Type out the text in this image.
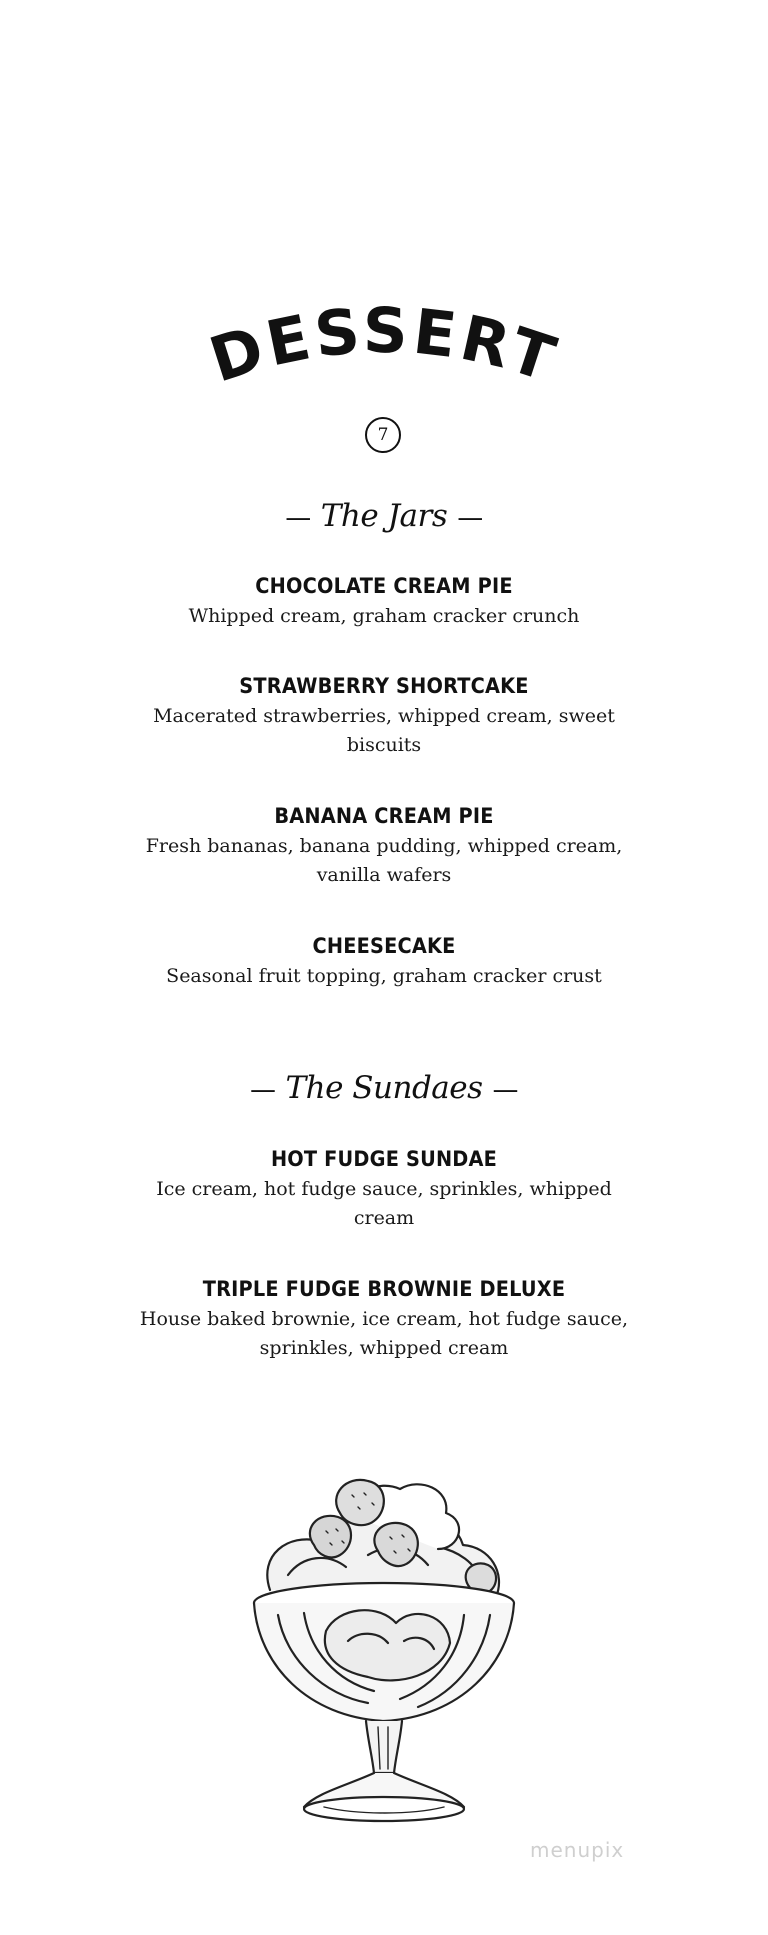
DESSERT
7

— The Jars —

CHOCOLATE CREAM PIE

Whipped cream, graham cracker crunch

STRAWBERRY SHORTCAKE

Macerated strawberries, whipped cream, sweet biscuits

BANANA CREAM PIE

Fresh bananas, banana pudding, whipped cream, vanilla wafers

CHEESECAKE

Seasonal fruit topping, graham cracker crust

— The Sundaes —

HOT FUDGE SUNDAE

Ice cream, hot fudge sauce, sprinkles, whipped cream

TRIPLE FUDGE BROWNIE DELUXE

House baked brownie, ice cream, hot fudge sauce, sprinkles, whipped cream

menupix
